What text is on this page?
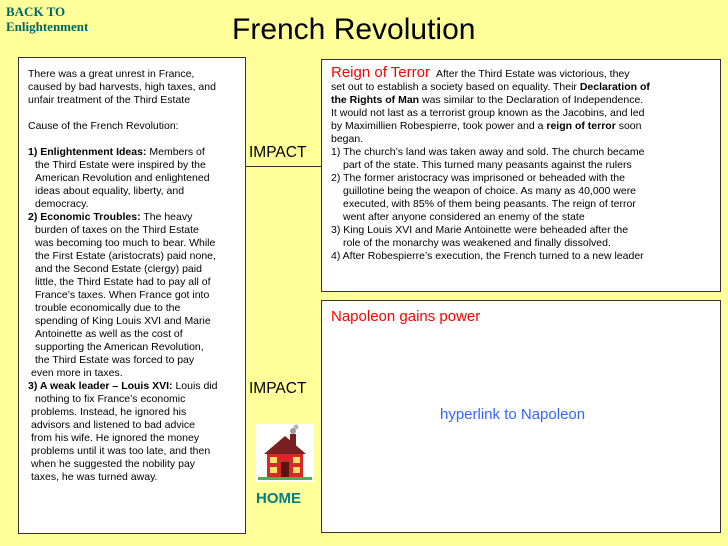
BACK TO
Enlightenment	French Revolution

There was a great unrest in France,

caused by bad harvests, high taxes, and

unfair treatment of the Third Estate

Cause of the French Revolution:

1) Enlightenment Ideas: Members of

the Third Estate were inspired by the

American Revolution and enlightened

ideas about equality, liberty, and

democracy.

2) Economic Troubles: The heavy

burden of taxes on the Third Estate

was becoming too much to bear. While

the First Estate (aristocrats) paid none,

and the Second Estate (clergy) paid

little, the Third Estate had to pay all of

France’s taxes. When France got into

trouble economically due to the

spending of King Louis XVI and Marie

Antoinette as well as the cost of

supporting the American Revolution,

the Third Estate was forced to pay

even more in taxes.

3) A weak leader – Louis XVI: Louis did

nothing to fix France’s economic

problems. Instead, he ignored his

advisors and listened to bad advice

from his wife. He ignored the money

problems until it was too late, and then

when he suggested the nobility pay

taxes, he was turned away.

IMPACT
IMPACT
Reign of Terror After the Third Estate was victorious, they
set out to establish a society based on equality. Their Declaration of
the Rights of Man was similar to the Declaration of Independence.
It would not last as a terrorist group known as the Jacobins, and led
by Maximillien Robespierre, took power and a reign of terror soon
began.
1) The church’s land was taken away and sold. The church became
part of the state. This turned many peasants against the rulers
2) The former aristocracy was imprisoned or beheaded with the
guillotine being the weapon of choice. As many as 40,000 were
executed, with 85% of them being peasants. The reign of terror
went after anyone considered an enemy of the state
3) King Louis XVI and Marie Antoinette were beheaded after the
role of the monarchy was weakened and finally dissolved.
4) After Robespierre’s execution, the French turned to a new leader
Napoleon gains power
hyperlink to Napoleon
HOME
